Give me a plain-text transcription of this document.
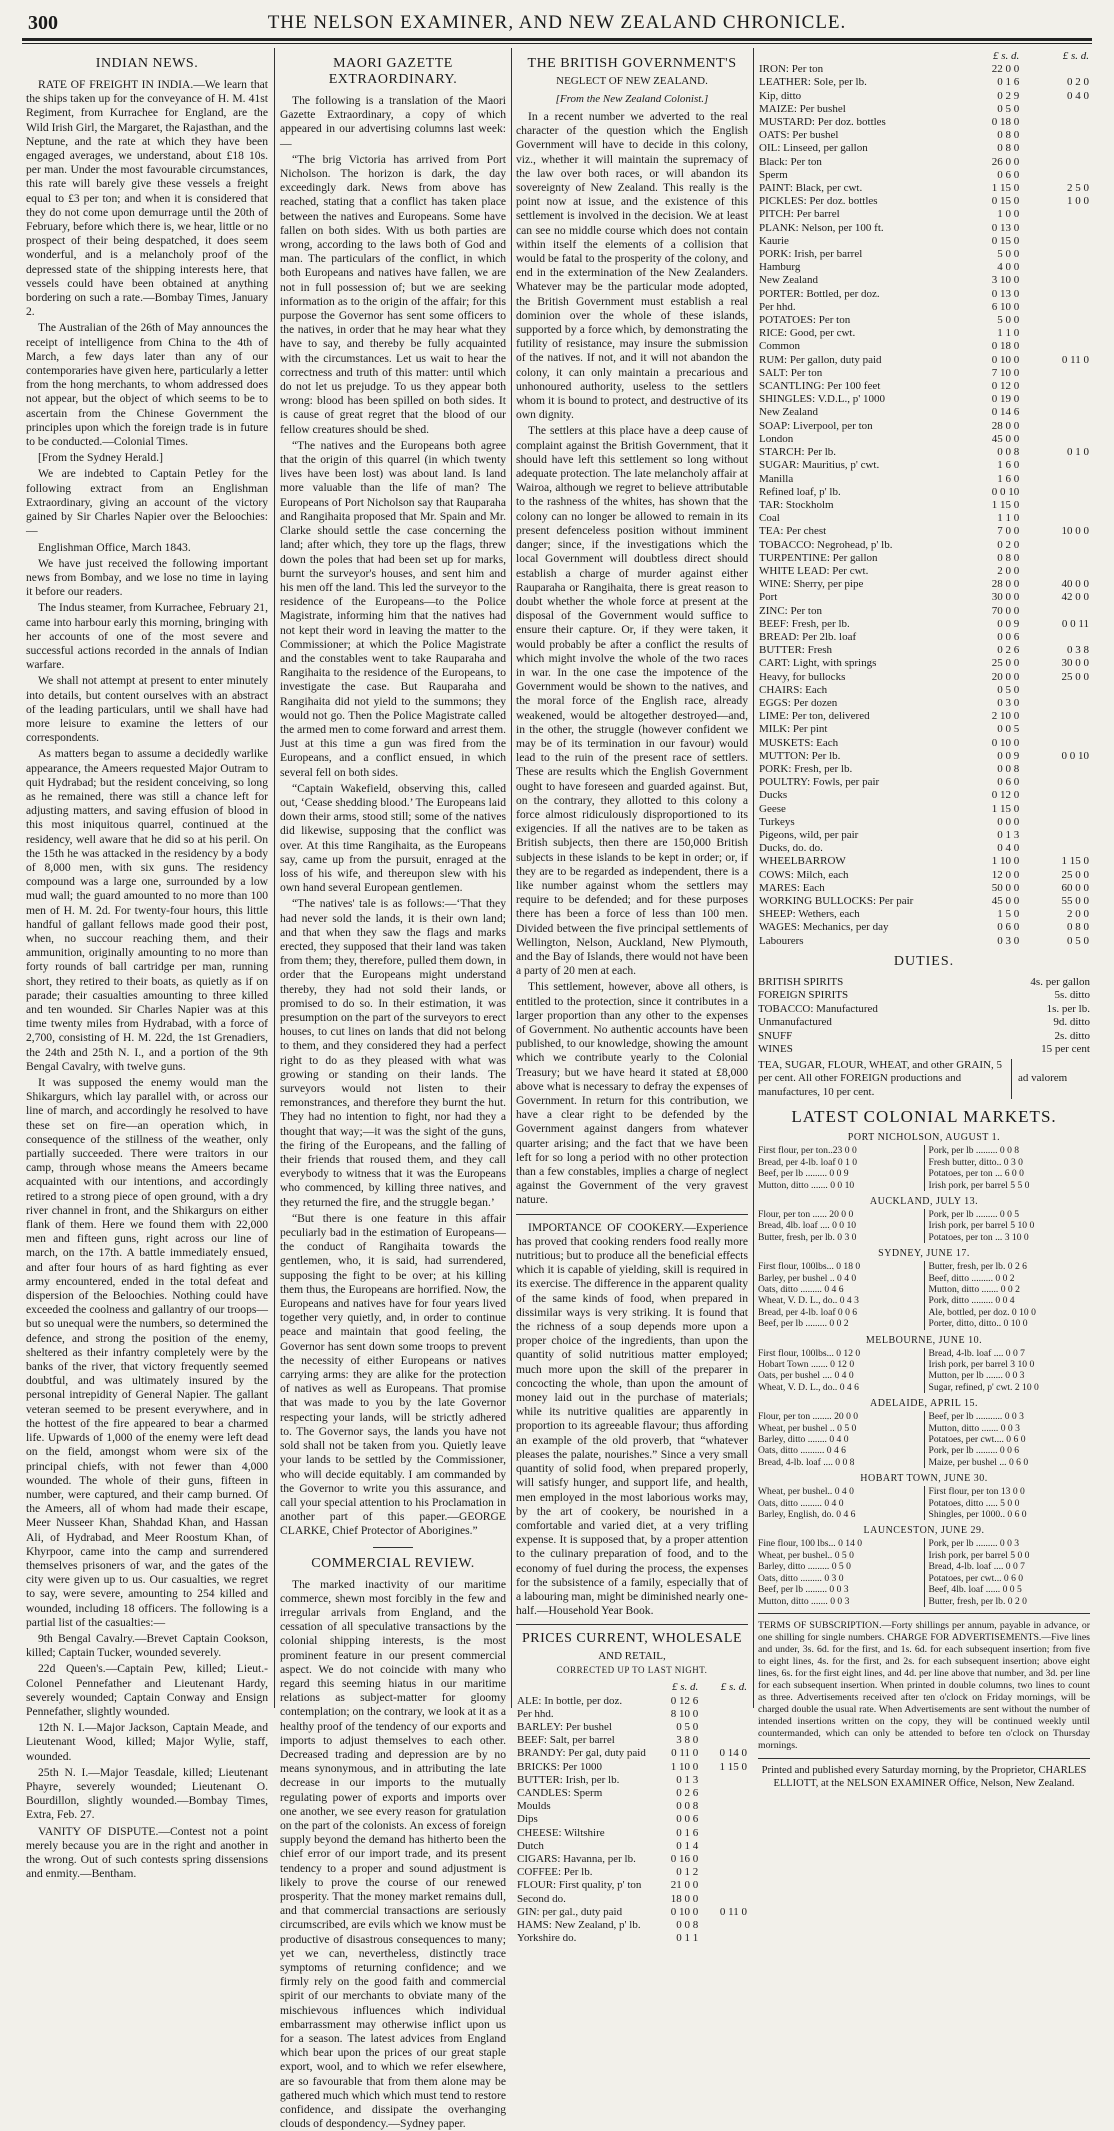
300	THE NELSON EXAMINER, AND NEW ZEALAND CHRONICLE.
INDIAN NEWS.

RATE OF FREIGHT IN INDIA.—We learn that the ships taken up for the conveyance of H. M. 41st Regiment, from Kurrachee for England, are the Wild Irish Girl, the Margaret, the Rajasthan, and the Neptune, and the rate at which they have been engaged averages, we understand, about £18 10s. per man. Under the most favourable circumstances, this rate will barely give these vessels a freight equal to £3 per ton; and when it is considered that they do not come upon demurrage until the 20th of February, before which there is, we hear, little or no prospect of their being despatched, it does seem wonderful, and is a melancholy proof of the depressed state of the shipping interests here, that vessels could have been obtained at anything bordering on such a rate.—Bombay Times, January 2.

The Australian of the 26th of May announces the receipt of intelligence from China to the 4th of March, a few days later than any of our contemporaries have given here, particularly a letter from the hong merchants, to whom addressed does not appear, but the object of which seems to be to ascertain from the Chinese Government the principles upon which the foreign trade is in future to be conducted.—Colonial Times.

[From the Sydney Herald.]

We are indebted to Captain Petley for the following extract from an Englishman Extraordinary, giving an account of the victory gained by Sir Charles Napier over the Beloochies:—

Englishman Office, March 1843.

We have just received the following important news from Bombay, and we lose no time in laying it before our readers.

The Indus steamer, from Kurrachee, February 21, came into harbour early this morning, bringing with her accounts of one of the most severe and successful actions recorded in the annals of Indian warfare.

We shall not attempt at present to enter minutely into details, but content ourselves with an abstract of the leading particulars, until we shall have had more leisure to examine the letters of our correspondents.

As matters began to assume a decidedly warlike appearance, the Ameers requested Major Outram to quit Hydrabad; but the resident conceiving, so long as he remained, there was still a chance left for adjusting matters, and saving effusion of blood in this most iniquitous quarrel, continued at the residency, well aware that he did so at his peril. On the 15th he was attacked in the residency by a body of 8,000 men, with six guns. The residency compound was a large one, surrounded by a low mud wall; the guard amounted to no more than 100 men of H. M. 2d. For twenty-four hours, this little handful of gallant fellows made good their post, when, no succour reaching them, and their ammunition, originally amounting to no more than forty rounds of ball cartridge per man, running short, they retired to their boats, as quietly as if on parade; their casualties amounting to three killed and ten wounded. Sir Charles Napier was at this time twenty miles from Hydrabad, with a force of 2,700, consisting of H. M. 22d, the 1st Grenadiers, the 24th and 25th N. I., and a portion of the 9th Bengal Cavalry, with twelve guns.

It was supposed the enemy would man the Shikargurs, which lay parallel with, or across our line of march, and accordingly he resolved to have these set on fire—an operation which, in consequence of the stillness of the weather, only partially succeeded. There were traitors in our camp, through whose means the Ameers became acquainted with our intentions, and accordingly retired to a strong piece of open ground, with a dry river channel in front, and the Shikargurs on either flank of them. Here we found them with 22,000 men and fifteen guns, right across our line of march, on the 17th. A battle immediately ensued, and after four hours of as hard fighting as ever army encountered, ended in the total defeat and dispersion of the Beloochies. Nothing could have exceeded the coolness and gallantry of our troops—but so unequal were the numbers, so determined the defence, and strong the position of the enemy, sheltered as their infantry completely were by the banks of the river, that victory frequently seemed doubtful, and was ultimately insured by the personal intrepidity of General Napier. The gallant veteran seemed to be present everywhere, and in the hottest of the fire appeared to bear a charmed life. Upwards of 1,000 of the enemy were left dead on the field, amongst whom were six of the principal chiefs, with not fewer than 4,000 wounded. The whole of their guns, fifteen in number, were captured, and their camp burned. Of the Ameers, all of whom had made their escape, Meer Nusseer Khan, Shahdad Khan, and Hassan Ali, of Hydrabad, and Meer Roostum Khan, of Khyrpoor, came into the camp and surrendered themselves prisoners of war, and the gates of the city were given up to us. Our casualties, we regret to say, were severe, amounting to 254 killed and wounded, including 18 officers. The following is a partial list of the casualties:—

9th Bengal Cavalry.—Brevet Captain Cookson, killed; Captain Tucker, wounded severely.

22d Queen's.—Captain Pew, killed; Lieut.-Colonel Pennefather and Lieutenant Hardy, severely wounded; Captain Conway and Ensign Pennefather, slightly wounded.

12th N. I.—Major Jackson, Captain Meade, and Lieutenant Wood, killed; Major Wylie, staff, wounded.

25th N. I.—Major Teasdale, killed; Lieutenant Phayre, severely wounded; Lieutenant O. Bourdillon, slightly wounded.—Bombay Times, Extra, Feb. 27.

VANITY OF DISPUTE.—Contest not a point merely because you are in the right and another in the wrong. Out of such contests spring dissensions and enmity.—Bentham.

MAORI GAZETTE EXTRAORDINARY.

The following is a translation of the Maori Gazette Extraordinary, a copy of which appeared in our advertising columns last week:—

“The brig Victoria has arrived from Port Nicholson. The horizon is dark, the day exceedingly dark. News from above has reached, stating that a conflict has taken place between the natives and Europeans. Some have fallen on both sides. With us both parties are wrong, according to the laws both of God and man. The particulars of the conflict, in which both Europeans and natives have fallen, we are not in full possession of; but we are seeking information as to the origin of the affair; for this purpose the Governor has sent some officers to the natives, in order that he may hear what they have to say, and thereby be fully acquainted with the circumstances. Let us wait to hear the correctness and truth of this matter: until which do not let us prejudge. To us they appear both wrong: blood has been spilled on both sides. It is cause of great regret that the blood of our fellow creatures should be shed.

“The natives and the Europeans both agree that the origin of this quarrel (in which twenty lives have been lost) was about land. Is land more valuable than the life of man? The Europeans of Port Nicholson say that Rauparaha and Rangihaita proposed that Mr. Spain and Mr. Clarke should settle the case concerning the land; after which, they tore up the flags, threw down the poles that had been set up for marks, burnt the surveyor's houses, and sent him and his men off the land. This led the surveyor to the residence of the Europeans—to the Police Magistrate, informing him that the natives had not kept their word in leaving the matter to the Commissioner; at which the Police Magistrate and the constables went to take Rauparaha and Rangihaita to the residence of the Europeans, to investigate the case. But Rauparaha and Rangihaita did not yield to the summons; they would not go. Then the Police Magistrate called the armed men to come forward and arrest them. Just at this time a gun was fired from the Europeans, and a conflict ensued, in which several fell on both sides.

“Captain Wakefield, observing this, called out, ‘Cease shedding blood.’ The Europeans laid down their arms, stood still; some of the natives did likewise, supposing that the conflict was over. At this time Rangihaita, as the Europeans say, came up from the pursuit, enraged at the loss of his wife, and thereupon slew with his own hand several European gentlemen.

“The natives' tale is as follows:—‘That they had never sold the lands, it is their own land; and that when they saw the flags and marks erected, they supposed that their land was taken from them; they, therefore, pulled them down, in order that the Europeans might understand thereby, they had not sold their lands, or promised to do so. In their estimation, it was presumption on the part of the surveyors to erect houses, to cut lines on lands that did not belong to them, and they considered they had a perfect right to do as they pleased with what was growing or standing on their lands. The surveyors would not listen to their remonstrances, and therefore they burnt the hut. They had no intention to fight, nor had they a thought that way;—it was the sight of the guns, the firing of the Europeans, and the falling of their friends that roused them, and they call everybody to witness that it was the Europeans who commenced, by killing three natives, and they returned the fire, and the struggle began.’

“But there is one feature in this affair peculiarly bad in the estimation of Europeans—the conduct of Rangihaita towards the gentlemen, who, it is said, had surrendered, supposing the fight to be over; at his killing them thus, the Europeans are horrified. Now, the Europeans and natives have for four years lived together very quietly, and, in order to continue peace and maintain that good feeling, the Governor has sent down some troops to prevent the necessity of either Europeans or natives carrying arms: they are alike for the protection of natives as well as Europeans. That promise that was made to you by the late Governor respecting your lands, will be strictly adhered to. The Governor says, the lands you have not sold shall not be taken from you. Quietly leave your lands to be settled by the Commissioner, who will decide equitably. I am commanded by the Governor to write you this assurance, and call your special attention to his Proclamation in another part of this paper.—GEORGE CLARKE, Chief Protector of Aborigines.”

COMMERCIAL REVIEW.

The marked inactivity of our maritime commerce, shewn most forcibly in the few and irregular arrivals from England, and the cessation of all speculative transactions by the colonial shipping interests, is the most prominent feature in our present commercial aspect. We do not coincide with many who regard this seeming hiatus in our maritime relations as subject-matter for gloomy contemplation; on the contrary, we look at it as a healthy proof of the tendency of our exports and imports to adjust themselves to each other. Decreased trading and depression are by no means synonymous, and in attributing the late decrease in our imports to the mutually regulating power of exports and imports over one another, we see every reason for gratulation on the part of the colonists. An excess of foreign supply beyond the demand has hitherto been the chief error of our import trade, and its present tendency to a proper and sound adjustment is likely to prove the course of our renewed prosperity. That the money market remains dull, and that commercial transactions are seriously circumscribed, are evils which we know must be productive of disastrous consequences to many; yet we can, nevertheless, distinctly trace symptoms of returning confidence; and we firmly rely on the good faith and commercial spirit of our merchants to obviate many of the mischievous influences which individual embarrassment may otherwise inflict upon us for a season. The latest advices from England which bear upon the prices of our great staple export, wool, and to which we refer elsewhere, are so favourable that from them alone may be gathered much which which must tend to restore confidence, and dissipate the overhanging clouds of despondency.—Sydney paper.

THE BRITISH GOVERNMENT'S
NEGLECT OF NEW ZEALAND.
[From the New Zealand Colonist.]

In a recent number we adverted to the real character of the question which the English Government will have to decide in this colony, viz., whether it will maintain the supremacy of the law over both races, or will abandon its sovereignty of New Zealand. This really is the point now at issue, and the existence of this settlement is involved in the decision. We at least can see no middle course which does not contain within itself the elements of a collision that would be fatal to the prosperity of the colony, and end in the extermination of the New Zealanders. Whatever may be the particular mode adopted, the British Government must establish a real dominion over the whole of these islands, supported by a force which, by demonstrating the futility of resistance, may insure the submission of the natives. If not, and it will not abandon the colony, it can only maintain a precarious and unhonoured authority, useless to the settlers whom it is bound to protect, and destructive of its own dignity.

The settlers at this place have a deep cause of complaint against the British Government, that it should have left this settlement so long without adequate protection. The late melancholy affair at Wairoa, although we regret to believe attributable to the rashness of the whites, has shown that the colony can no longer be allowed to remain in its present defenceless position without imminent danger; since, if the investigations which the local Government will doubtless direct should establish a charge of murder against either Rauparaha or Rangihaita, there is great reason to doubt whether the whole force at present at the disposal of the Government would suffice to ensure their capture. Or, if they were taken, it would probably be after a conflict the results of which might involve the whole of the two races in war. In the one case the impotence of the Government would be shown to the natives, and the moral force of the English race, already weakened, would be altogether destroyed—and, in the other, the struggle (however confident we may be of its termination in our favour) would lead to the ruin of the present race of settlers. These are results which the English Government ought to have foreseen and guarded against. But, on the contrary, they allotted to this colony a force almost ridiculously disproportioned to its exigencies. If all the natives are to be taken as British subjects, then there are 150,000 British subjects in these islands to be kept in order; or, if they are to be regarded as independent, there is a like number against whom the settlers may require to be defended; and for these purposes there has been a force of less than 100 men. Divided between the five principal settlements of Wellington, Nelson, Auckland, New Plymouth, and the Bay of Islands, there would not have been a party of 20 men at each.

This settlement, however, above all others, is entitled to the protection, since it contributes in a larger proportion than any other to the expenses of Government. No authentic accounts have been published, to our knowledge, showing the amount which we contribute yearly to the Colonial Treasury; but we have heard it stated at £8,000 above what is necessary to defray the expenses of Government. In return for this contribution, we have a clear right to be defended by the Government against dangers from whatever quarter arising; and the fact that we have been left for so long a period with no other protection than a few constables, implies a charge of neglect against the Government of the very gravest nature.

IMPORTANCE OF COOKERY.—Experience has proved that cooking renders food really more nutritious; but to produce all the beneficial effects which it is capable of yielding, skill is required in its exercise. The difference in the apparent quality of the same kinds of food, when prepared in dissimilar ways is very striking. It is found that the richness of a soup depends more upon a proper choice of the ingredients, than upon the quantity of solid nutritious matter employed; much more upon the skill of the preparer in concocting the whole, than upon the amount of money laid out in the purchase of materials; while its nutritive qualities are apparently in proportion to its agreeable flavour; thus affording an example of the old proverb, that “whatever pleases the palate, nourishes.” Since a very small quantity of solid food, when prepared properly, will satisfy hunger, and support life, and health, men employed in the most laborious works may, by the art of cookery, be nourished in a comfortable and varied diet, at a very trifling expense. It is supposed that, by a proper attention to the culinary preparation of food, and to the economy of fuel during the process, the expenses for the subsistence of a family, especially that of a labouring man, might be diminished nearly one-half.—Household Year Book.

PRICES CURRENT, WHOLESALE
AND RETAIL,
CORRECTED UP TO LAST NIGHT.
	£ s. d.	£ s. d.
ALE: In bottle, per doz.	0 12 6	
Per hhd.	8 10 0	
BARLEY: Per bushel	0 5 0	
BEEF: Salt, per barrel	3 8 0	
BRANDY: Per gal, duty paid	0 11 0	0 14 0
BRICKS: Per 1000	1 10 0	1 15 0
BUTTER: Irish, per lb.	0 1 3	
CANDLES: Sperm	0 2 6	
Moulds	0 0 8	
Dips	0 0 6	
CHEESE: Wiltshire	0 1 6	
Dutch	0 1 4	
CIGARS: Havanna, per lb.	0 16 0	
COFFEE: Per lb.	0 1 2	
FLOUR: First quality, p' ton	21 0 0	
Second do.	18 0 0	
GIN: per gal., duty paid	0 10 0	0 11 0
HAMS: New Zealand, p' lb.	0 0 8	
Yorkshire do.	0 1 1	
	£ s. d.	£ s. d.
IRON: Per ton	22 0 0	
LEATHER: Sole, per lb.	0 1 6	0 2 0
Kip, ditto	0 2 9	0 4 0
MAIZE: Per bushel	0 5 0	
MUSTARD: Per doz. bottles	0 18 0	
OATS: Per bushel	0 8 0	
OIL: Linseed, per gallon	0 8 0	
Black: Per ton	26 0 0	
Sperm	0 6 0	
PAINT: Black, per cwt.	1 15 0	2 5 0
PICKLES: Per doz. bottles	0 15 0	1 0 0
PITCH: Per barrel	1 0 0	
PLANK: Nelson, per 100 ft.	0 13 0	
Kaurie	0 15 0	
PORK: Irish, per barrel	5 0 0	
Hamburg	4 0 0	
New Zealand	3 10 0	
PORTER: Bottled, per doz.	0 13 0	
Per hhd.	6 10 0	
POTATOES: Per ton	5 0 0	
RICE: Good, per cwt.	1 1 0	
Common	0 18 0	
RUM: Per gallon, duty paid	0 10 0	0 11 0
SALT: Per ton	7 10 0	
SCANTLING: Per 100 feet	0 12 0	
SHINGLES: V.D.L., p' 1000	0 19 0	
New Zealand	0 14 6	
SOAP: Liverpool, per ton	28 0 0	
London	45 0 0	
STARCH: Per lb.	0 0 8	0 1 0
SUGAR: Mauritius, p' cwt.	1 6 0	
Manilla	1 6 0	
Refined loaf, p' lb.	0 0 10	
TAR: Stockholm	1 15 0	
Coal	1 1 0	
TEA: Per chest	7 0 0	10 0 0
TOBACCO: Negrohead, p' lb.	0 2 0	
TURPENTINE: Per gallon	0 8 0	
WHITE LEAD: Per cwt.	2 0 0	
WINE: Sherry, per pipe	28 0 0	40 0 0
Port	30 0 0	42 0 0
ZINC: Per ton	70 0 0	

BEEF: Fresh, per lb.	0 0 9	0 0 11
BREAD: Per 2lb. loaf	0 0 6	
BUTTER: Fresh	0 2 6	0 3 8
CART: Light, with springs	25 0 0	30 0 0
Heavy, for bullocks	20 0 0	25 0 0
CHAIRS: Each	0 5 0	
EGGS: Per dozen	0 3 0	
LIME: Per ton, delivered	2 10 0	
MILK: Per pint	0 0 5	
MUSKETS: Each	0 10 0	
MUTTON: Per lb.	0 0 9	0 0 10
PORK: Fresh, per lb.	0 0 8	
POULTRY: Fowls, per pair	0 6 0	
Ducks	0 12 0	
Geese	1 15 0	
Turkeys	0 0 0	
Pigeons, wild, per pair	0 1 3	
Ducks, do. do.	0 4 0	
WHEELBARROW	1 10 0	1 15 0

COWS: Milch, each	12 0 0	25 0 0
MARES: Each	50 0 0	60 0 0
WORKING BULLOCKS: Per pair	45 0 0	55 0 0
SHEEP: Wethers, each	1 5 0	2 0 0

WAGES: Mechanics, per day	0 6 0	0 8 0
Labourers	0 3 0	0 5 0
DUTIES.
BRITISH SPIRITS	4s. per gallon
FOREIGN SPIRITS	5s. ditto
TOBACCO: Manufactured	1s. per lb.
Unmanufactured	9d. ditto
SNUFF	2s. ditto
WINES	15 per cent
TEA, SUGAR, FLOUR, WHEAT, and other GRAIN, 5 per cent. All other FOREIGN productions and manufactures, 10 per cent.
ad valorem
LATEST COLONIAL MARKETS.
PORT NICHOLSON, AUGUST 1.
First flour, per ton..23 0 0
Bread, per 4-lb. loaf 0 1 0
Beef, per lb ......... 0 0 9
Mutton, ditto ....... 0 0 10
Pork, per lb ......... 0 0 8
Fresh butter, ditto.. 0 3 0
Potatoes, per ton ... 6 0 0
Irish pork, per barrel 5 5 0
AUCKLAND, JULY 13.
Flour, per ton ...... 20 0 0
Bread, 4lb. loaf .... 0 0 10
Butter, fresh, per lb. 0 3 0
Pork, per lb ......... 0 0 5
Irish pork, per barrel 5 10 0
Potatoes, per ton ... 3 10 0
SYDNEY, JUNE 17.
First flour, 100lbs... 0 18 0
Barley, per bushel .. 0 4 0
Oats, ditto ......... 0 4 6
Wheat, V. D. L., do.. 0 4 3
Bread, per 4-lb. loaf 0 0 6
Beef, per lb ......... 0 0 2
Butter, fresh, per lb. 0 2 6
Beef, ditto ......... 0 0 2
Mutton, ditto ....... 0 0 2
Pork, ditto ......... 0 0 4
Ale, bottled, per doz. 0 10 0
Porter, ditto, ditto.. 0 10 0
MELBOURNE, JUNE 10.
First flour, 100lbs... 0 12 0
Hobart Town ....... 0 12 0
Oats, per bushel .... 0 4 0
Wheat, V. D. L., do.. 0 4 6
Bread, 4-lb. loaf .... 0 0 7
Irish pork, per barrel 3 10 0
Mutton, per lb ....... 0 0 3
Sugar, refined, p' cwt. 2 10 0
ADELAIDE, APRIL 15.
Flour, per ton ........ 20 0 0
Wheat, per bushel .. 0 5 0
Barley, ditto ........ 0 4 0
Oats, ditto .......... 0 4 6
Bread, 4-lb. loaf .... 0 0 8
Beef, per lb ........... 0 0 3
Mutton, ditto ....... 0 0 3
Potatoes, per cwt.... 0 6 0
Pork, per lb ......... 0 0 6
Maize, per bushel ... 0 6 0
HOBART TOWN, JUNE 30.
Wheat, per bushel.. 0 4 0
Oats, ditto ......... 0 4 0
Barley, English, do. 0 4 6
First flour, per ton 13 0 0
Potatoes, ditto ..... 5 0 0
Shingles, per 1000.. 0 6 0
LAUNCESTON, JUNE 29.
Fine flour, 100 lbs... 0 14 0
Wheat, per bushel.. 0 5 0
Barley, ditto ......... 0 5 0
Oats, ditto ......... 0 3 0
Beef, per lb ......... 0 0 3
Mutton, ditto ....... 0 0 3
Pork, per lb ......... 0 0 3
Irish pork, per barrel 5 0 0
Bread, 4-lb. loaf .... 0 0 7
Potatoes, per cwt... 0 6 0
Beef, 4lb. loaf ...... 0 0 5
Butter, fresh, per lb. 0 2 0
TERMS OF SUBSCRIPTION.—Forty shillings per annum, payable in advance, or one shilling for single numbers. CHARGE FOR ADVERTISEMENTS.—Five lines and under, 3s. 6d. for the first, and 1s. 6d. for each subsequent insertion; from five to eight lines, 4s. for the first, and 2s. for each subsequent insertion; above eight lines, 6s. for the first eight lines, and 4d. per line above that number, and 3d. per line for each subsequent insertion. When printed in double columns, two lines to count as three. Advertisements received after ten o'clock on Friday mornings, will be charged double the usual rate. When Advertisements are sent without the number of intended insertions written on the copy, they will be continued weekly until countermanded, which can only be attended to before ten o'clock on Thursday mornings.
Printed and published every Saturday morning, by the Proprietor, CHARLES ELLIOTT, at the NELSON EXAMINER Office, Nelson, New Zealand.
